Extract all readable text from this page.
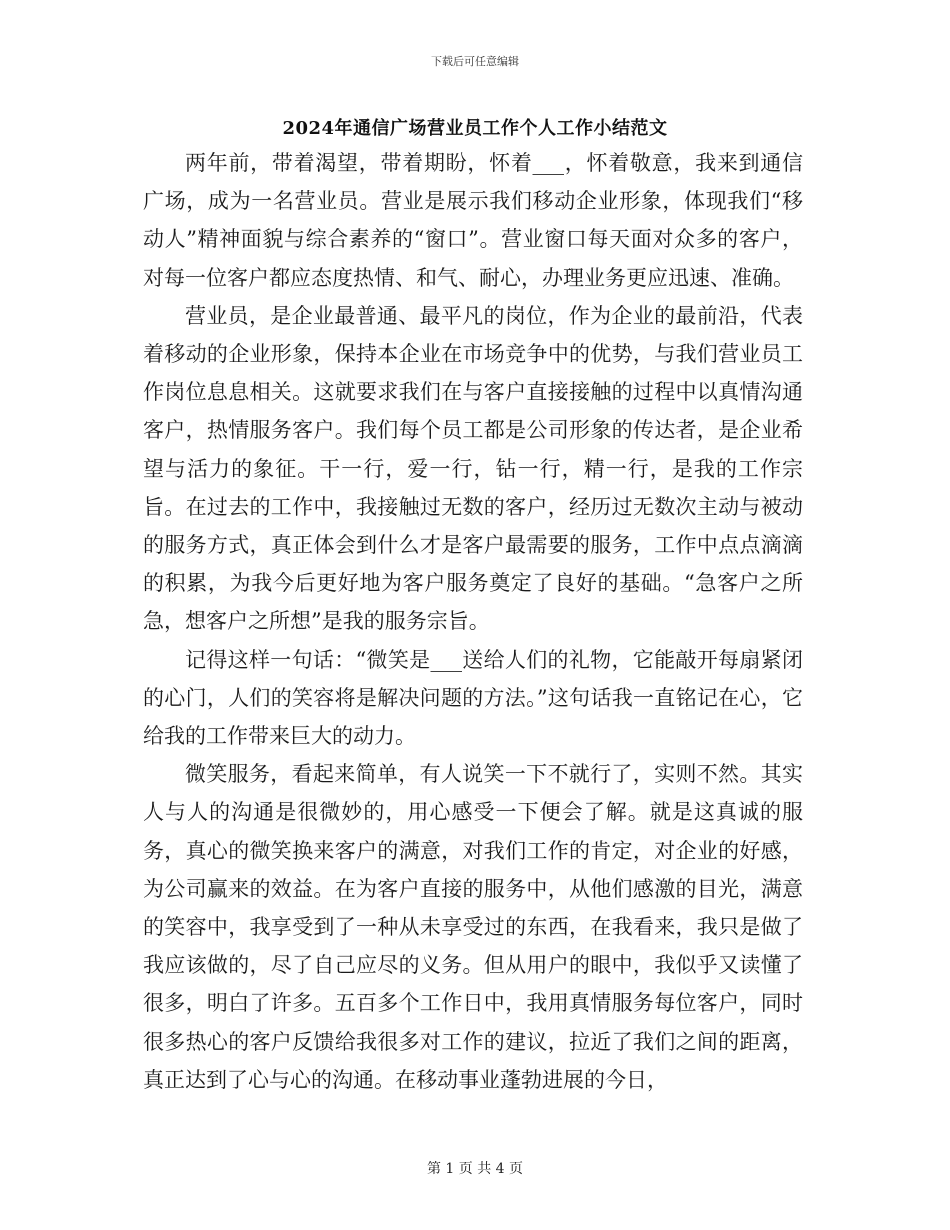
下载后可任意编辑
2024年通信广场营业员工作个人工作小结范文

两年前，带着渴望，带着期盼，怀着___，怀着敬意，我来到通信广场，成为一名营业员。营业是展示我们移动企业形象，体现我们“移动人”精神面貌与综合素养的“窗口”。营业窗口每天面对众多的客户，对每一位客户都应态度热情、和气、耐心，办理业务更应迅速、准确。

营业员，是企业最普通、最平凡的岗位，作为企业的最前沿，代表着移动的企业形象，保持本企业在市场竞争中的优势，与我们营业员工作岗位息息相关。这就要求我们在与客户直接接触的过程中以真情沟通客户，热情服务客户。我们每个员工都是公司形象的传达者，是企业希望与活力的象征。干一行，爱一行，钻一行，精一行，是我的工作宗旨。在过去的工作中，我接触过无数的客户，经历过无数次主动与被动的服务方式，真正体会到什么才是客户最需要的服务，工作中点点滴滴的积累，为我今后更好地为客户服务奠定了良好的基础。“急客户之所急，想客户之所想”是我的服务宗旨。

记得这样一句话：“微笑是___送给人们的礼物，它能敲开每扇紧闭的心门，人们的笑容将是解决问题的方法。”这句话我一直铭记在心，它给我的工作带来巨大的动力。

微笑服务，看起来简单，有人说笑一下不就行了，实则不然。其实人与人的沟通是很微妙的，用心感受一下便会了解。就是这真诚的服务，真心的微笑换来客户的满意，对我们工作的肯定，对企业的好感，为公司赢来的效益。在为客户直接的服务中，从他们感激的目光，满意的笑容中，我享受到了一种从未享受过的东西，在我看来，我只是做了我应该做的，尽了自己应尽的义务。但从用户的眼中，我似乎又读懂了很多，明白了许多。五百多个工作日中，我用真情服务每位客户，同时很多热心的客户反馈给我很多对工作的建议，拉近了我们之间的距离，真正达到了心与心的沟通。在移动事业蓬勃进展的今日，

第 1 页 共 4 页
